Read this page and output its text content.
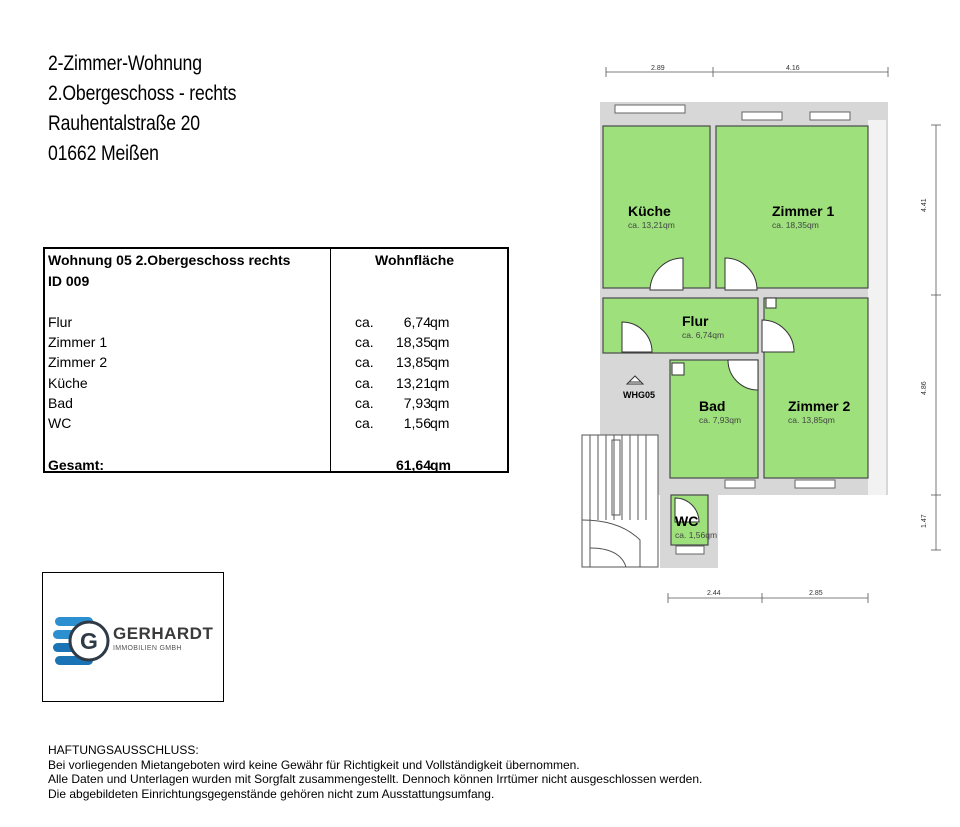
2-Zimmer-Wohnung
2.Obergeschoss - rechts
Rauhentalstraße 20
01662 Meißen
Wohnung 05 2.Obergeschoss rechts
ID 009
Wohnfläche
Flur	ca. 6,74 qm
Zimmer 1	ca. 18,35 qm
Zimmer 2	ca. 13,85 qm
Küche	ca. 13,21 qm
Bad	ca. 7,93 qm
WC	ca. 1,56 qm
Gesamt:	61,64 qm
G GERHARDT
IMMOBILIEN GMBH
Küche
ca. 13,21qm
Zimmer 1
ca. 18,35qm
Flur
ca. 6,74qm
Bad
ca. 7,93qm
Zimmer 2
ca. 13,85qm
WC
ca. 1,56qm
WHG05
2.89	4.16
4.41
4.86
1.47
2.44	2.85
HAFTUNGSAUSSCHLUSS:
Bei vorliegenden Mietangeboten wird keine Gewähr für Richtigkeit und Vollständigkeit übernommen.
Alle Daten und Unterlagen wurden mit Sorgfalt zusammengestellt. Dennoch können Irrtümer nicht ausgeschlossen werden.
Die abgebildeten Einrichtungsgegenstände gehören nicht zum Ausstattungsumfang.
